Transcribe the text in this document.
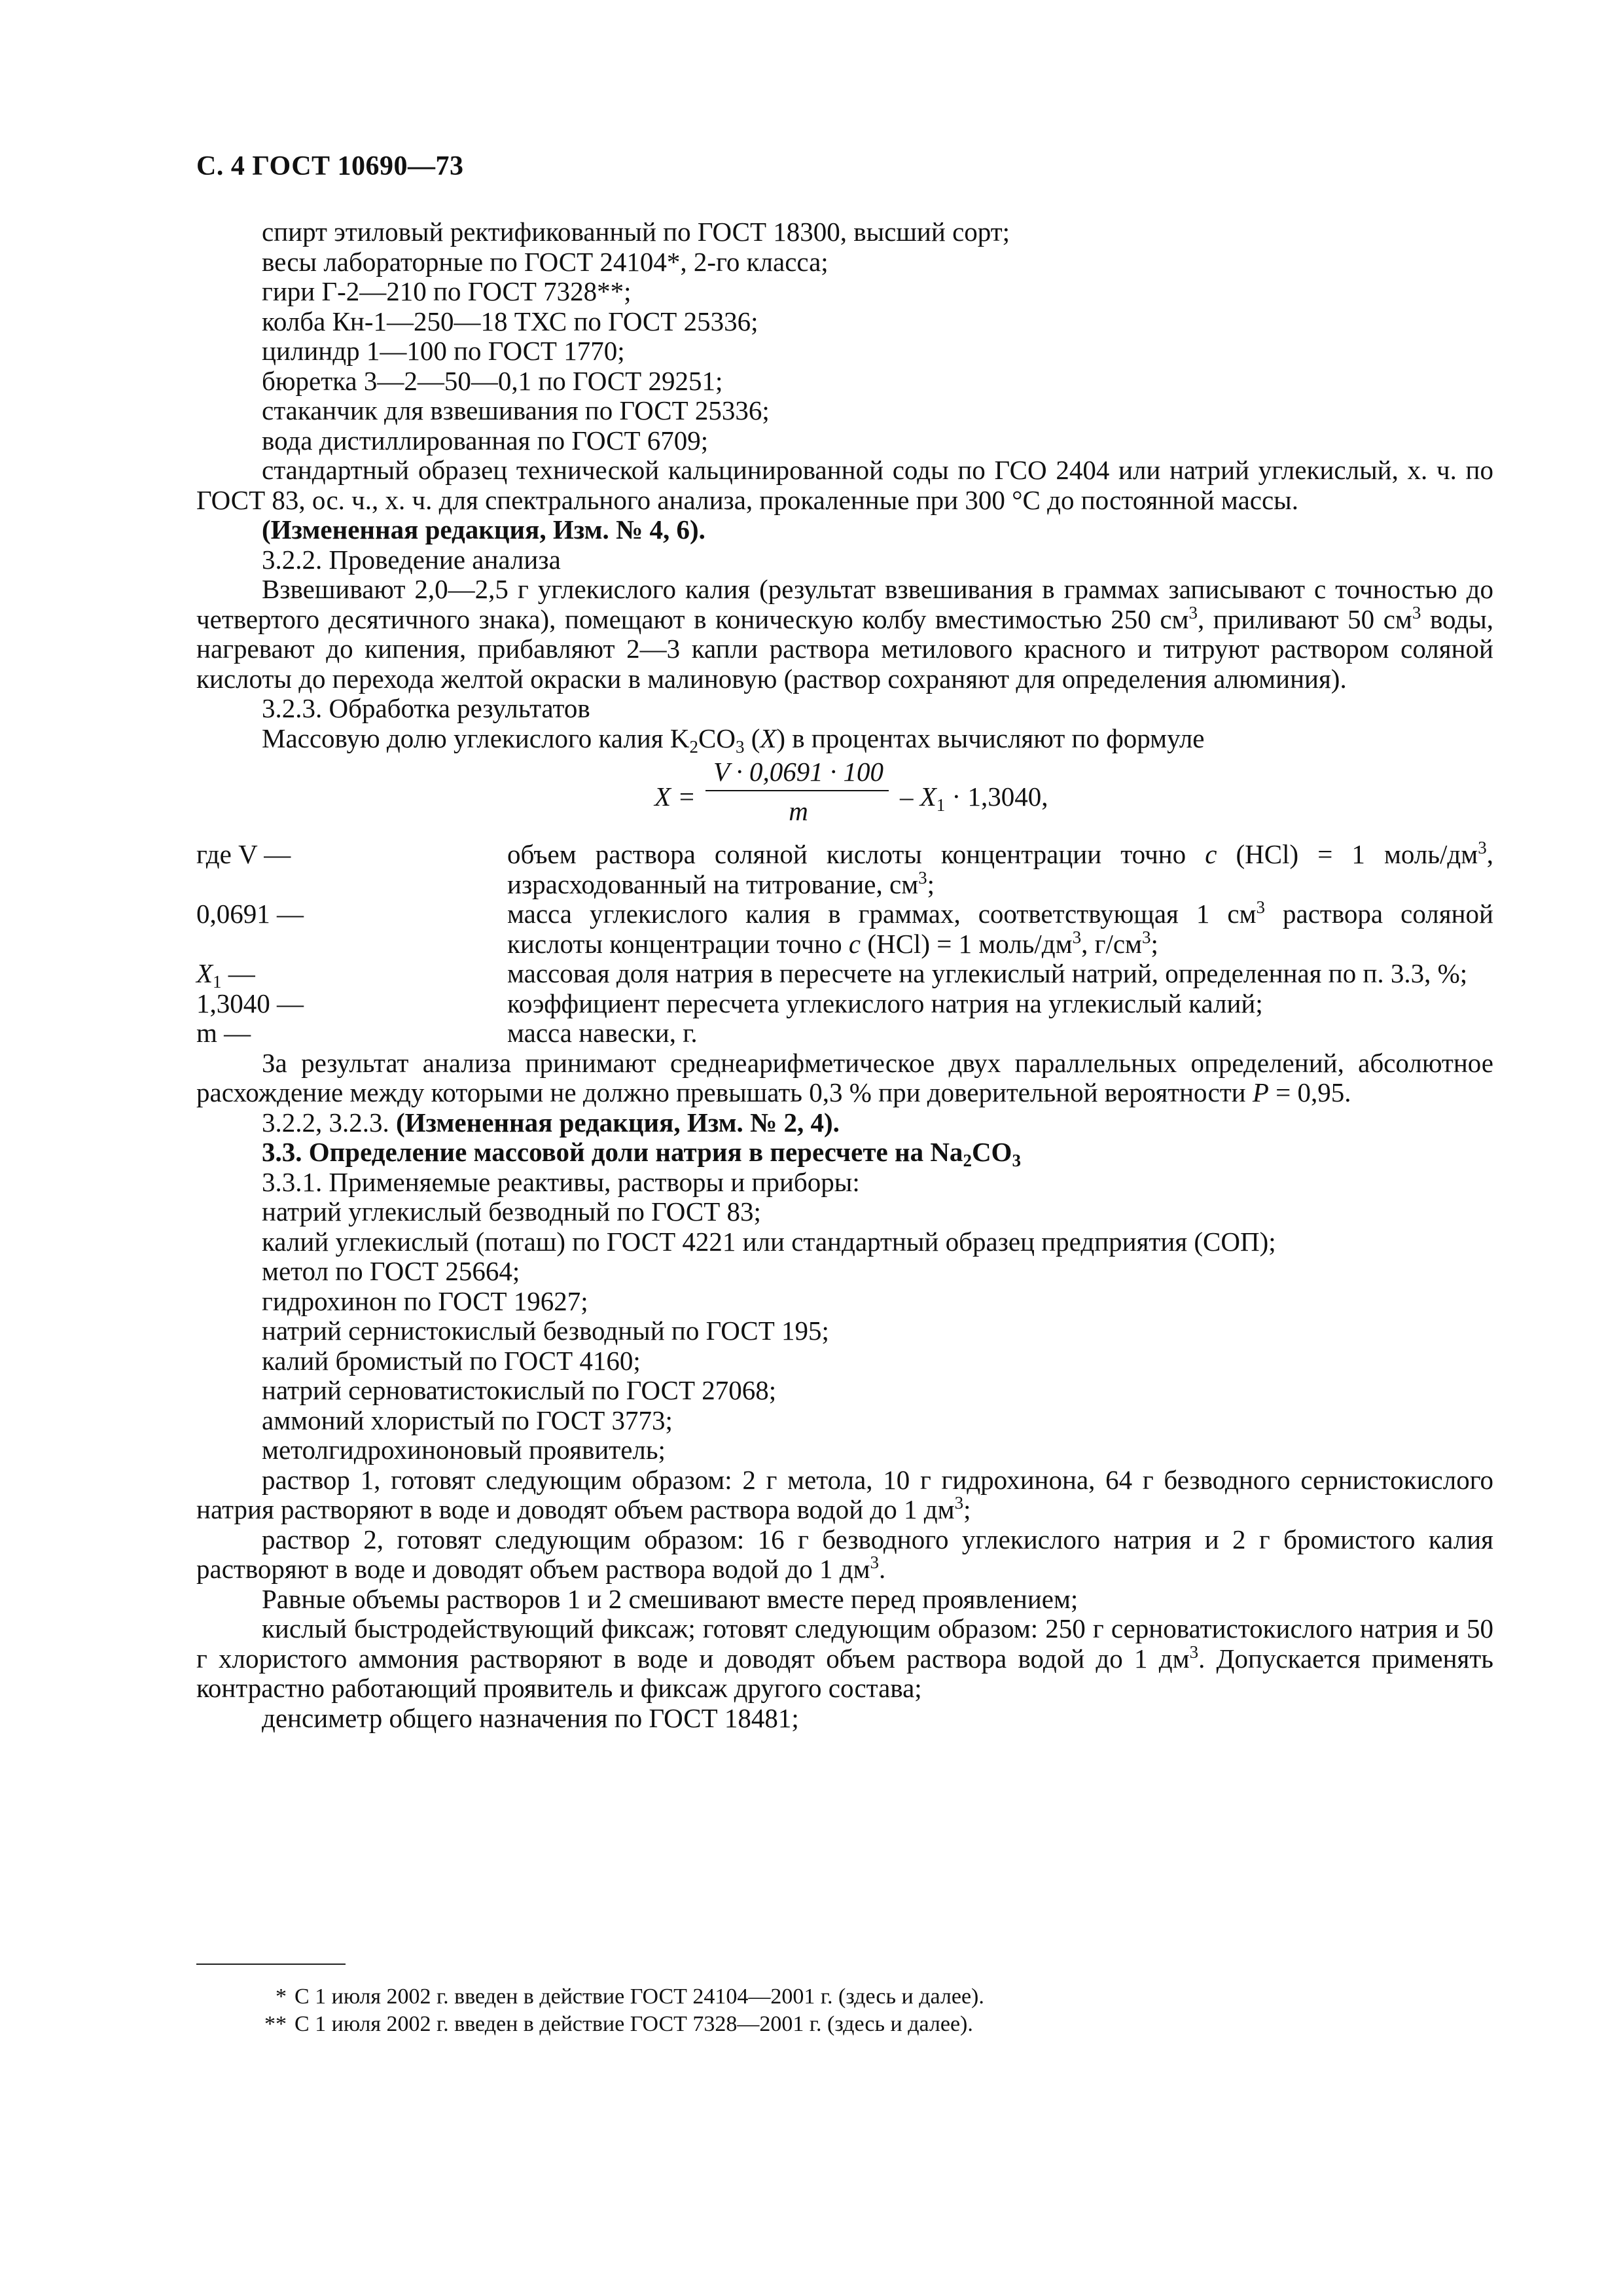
С. 4 ГОСТ 10690—73

спирт этиловый ректификованный по ГОСТ 18300, высший сорт;

весы лабораторные по ГОСТ 24104*, 2-го класса;

гири Г-2—210 по ГОСТ 7328**;

колба Кн-1—250—18 ТХС по ГОСТ 25336;

цилиндр 1—100 по ГОСТ 1770;

бюретка 3—2—50—0,1 по ГОСТ 29251;

стаканчик для взвешивания по ГОСТ 25336;

вода дистиллированная по ГОСТ 6709;

стандартный образец технической кальцинированной соды по ГСО 2404 или натрий углекислый, х. ч. по ГОСТ 83, ос. ч., х. ч. для спектрального анализа, прокаленные при 300 °С до постоянной массы.

(Измененная редакция, Изм. № 4, 6).

3.2.2. Проведение анализа

Взвешивают 2,0—2,5 г углекислого калия (результат взвешивания в граммах записывают с точностью до четвертого десятичного знака), помещают в коническую колбу вместимостью 250 $см^3$, приливают 50 $см^3$ воды, нагревают до кипения, прибавляют 2—3 капли раствора метилового красного и титруют раствором соляной кислоты до перехода желтой окраски в малиновую (раствор сохраняют для определения алюминия).

3.2.3. Обработка результатов

Массовую долю углекислого калия $K_2CO_3$ (X) в процентах вычисляют по формуле

X =
V · 0,0691 · 100
m	– $X_1 \cdot 1,3040$,
где V —	объем раствора соляной кислоты концентрации точно c (HCl) = 1 моль/$дм^3$, израсходованный на титрование, $см^3$;
0,0691 —	масса углекислого калия в граммах, соответствующая 1 $см^3$ раствора соляной кислоты концентрации точно c (HCl) = 1 моль/$дм^3$, $г/см^3$;
$X_1$ —	массовая доля натрия в пересчете на углекислый натрий, определенная по п. 3.3, %;
1,3040 —	коэффициент пересчета углекислого натрия на углекислый калий;
m —	масса навески, г.

За результат анализа принимают среднеарифметическое двух параллельных определений, абсолютное расхождение между которыми не должно превышать 0,3 % при доверительной вероятности P = 0,95.

3.2.2, 3.2.3. (Измененная редакция, Изм. № 2, 4).

3.3. Определение массовой доли натрия в пересчете на $Na_2CO_3$

3.3.1. Применяемые реактивы, растворы и приборы:

натрий углекислый безводный по ГОСТ 83;

калий углекислый (поташ) по ГОСТ 4221 или стандартный образец предприятия (СОП);

метол по ГОСТ 25664;

гидрохинон по ГОСТ 19627;

натрий сернистокислый безводный по ГОСТ 195;

калий бромистый по ГОСТ 4160;

натрий серноватистокислый по ГОСТ 27068;

аммоний хлористый по ГОСТ 3773;

метолгидрохиноновый проявитель;

раствор 1, готовят следующим образом: 2 г метола, 10 г гидрохинона, 64 г безводного сернистокислого натрия растворяют в воде и доводят объем раствора водой до 1 $дм^3$;

раствор 2, готовят следующим образом: 16 г безводного углекислого натрия и 2 г бромистого калия растворяют в воде и доводят объем раствора водой до 1 $дм^3$.

Равные объемы растворов 1 и 2 смешивают вместе перед проявлением;

кислый быстродействующий фиксаж; готовят следующим образом: 250 г серноватистокислого натрия и 50 г хлористого аммония растворяют в воде и доводят объем раствора водой до 1 $дм^3$. Допускается применять контрастно работающий проявитель и фиксаж другого состава;

денсиметр общего назначения по ГОСТ 18481;

* С 1 июля 2002 г. введен в действие ГОСТ 24104—2001 г. (здесь и далее).
** С 1 июля 2002 г. введен в действие ГОСТ 7328—2001 г. (здесь и далее).
